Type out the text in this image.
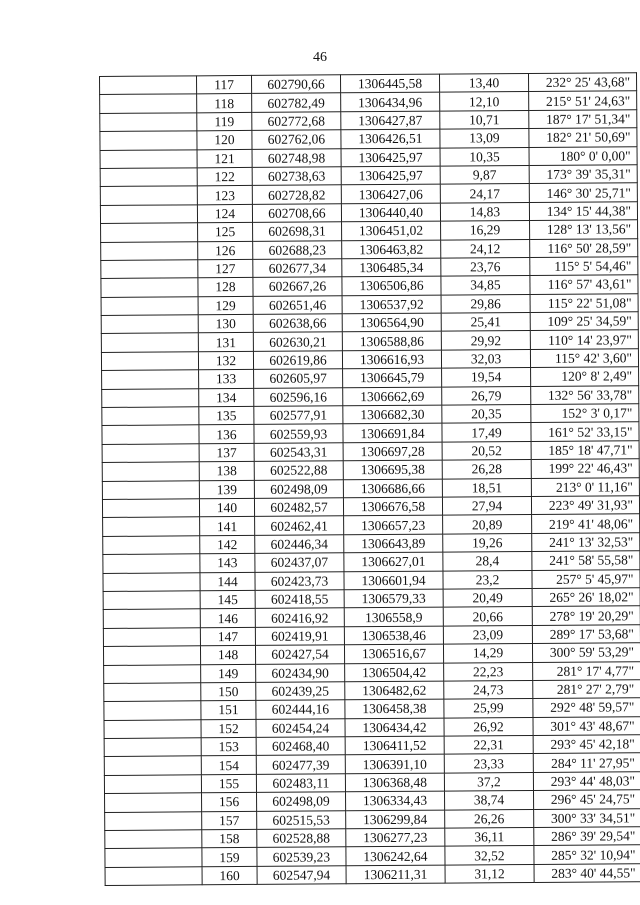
46
	117	602790,66	1306445,58	13,40	232° 25' 43,68"
	118	602782,49	1306434,96	12,10	215° 51' 24,63"
	119	602772,68	1306427,87	10,71	187° 17' 51,34"
	120	602762,06	1306426,51	13,09	182° 21' 50,69"
	121	602748,98	1306425,97	10,35	180° 0' 0,00"
	122	602738,63	1306425,97	9,87	173° 39' 35,31"
	123	602728,82	1306427,06	24,17	146° 30' 25,71"
	124	602708,66	1306440,40	14,83	134° 15' 44,38"
	125	602698,31	1306451,02	16,29	128° 13' 13,56"
	126	602688,23	1306463,82	24,12	116° 50' 28,59"
	127	602677,34	1306485,34	23,76	115° 5' 54,46"
	128	602667,26	1306506,86	34,85	116° 57' 43,61"
	129	602651,46	1306537,92	29,86	115° 22' 51,08"
	130	602638,66	1306564,90	25,41	109° 25' 34,59"
	131	602630,21	1306588,86	29,92	110° 14' 23,97"
	132	602619,86	1306616,93	32,03	115° 42' 3,60"
	133	602605,97	1306645,79	19,54	120° 8' 2,49"
	134	602596,16	1306662,69	26,79	132° 56' 33,78"
	135	602577,91	1306682,30	20,35	152° 3' 0,17"
	136	602559,93	1306691,84	17,49	161° 52' 33,15"
	137	602543,31	1306697,28	20,52	185° 18' 47,71"
	138	602522,88	1306695,38	26,28	199° 22' 46,43"
	139	602498,09	1306686,66	18,51	213° 0' 11,16"
	140	602482,57	1306676,58	27,94	223° 49' 31,93"
	141	602462,41	1306657,23	20,89	219° 41' 48,06"
	142	602446,34	1306643,89	19,26	241° 13' 32,53"
	143	602437,07	1306627,01	28,4	241° 58' 55,58"
	144	602423,73	1306601,94	23,2	257° 5' 45,97"
	145	602418,55	1306579,33	20,49	265° 26' 18,02"
	146	602416,92	1306558,9	20,66	278° 19' 20,29"
	147	602419,91	1306538,46	23,09	289° 17' 53,68"
	148	602427,54	1306516,67	14,29	300° 59' 53,29"
	149	602434,90	1306504,42	22,23	281° 17' 4,77"
	150	602439,25	1306482,62	24,73	281° 27' 2,79"
	151	602444,16	1306458,38	25,99	292° 48' 59,57"
	152	602454,24	1306434,42	26,92	301° 43' 48,67"
	153	602468,40	1306411,52	22,31	293° 45' 42,18"
	154	602477,39	1306391,10	23,33	284° 11' 27,95"
	155	602483,11	1306368,48	37,2	293° 44' 48,03"
	156	602498,09	1306334,43	38,74	296° 45' 24,75"
	157	602515,53	1306299,84	26,26	300° 33' 34,51"
	158	602528,88	1306277,23	36,11	286° 39' 29,54"
	159	602539,23	1306242,64	32,52	285° 32' 10,94"
	160	602547,94	1306211,31	31,12	283° 40' 44,55"
